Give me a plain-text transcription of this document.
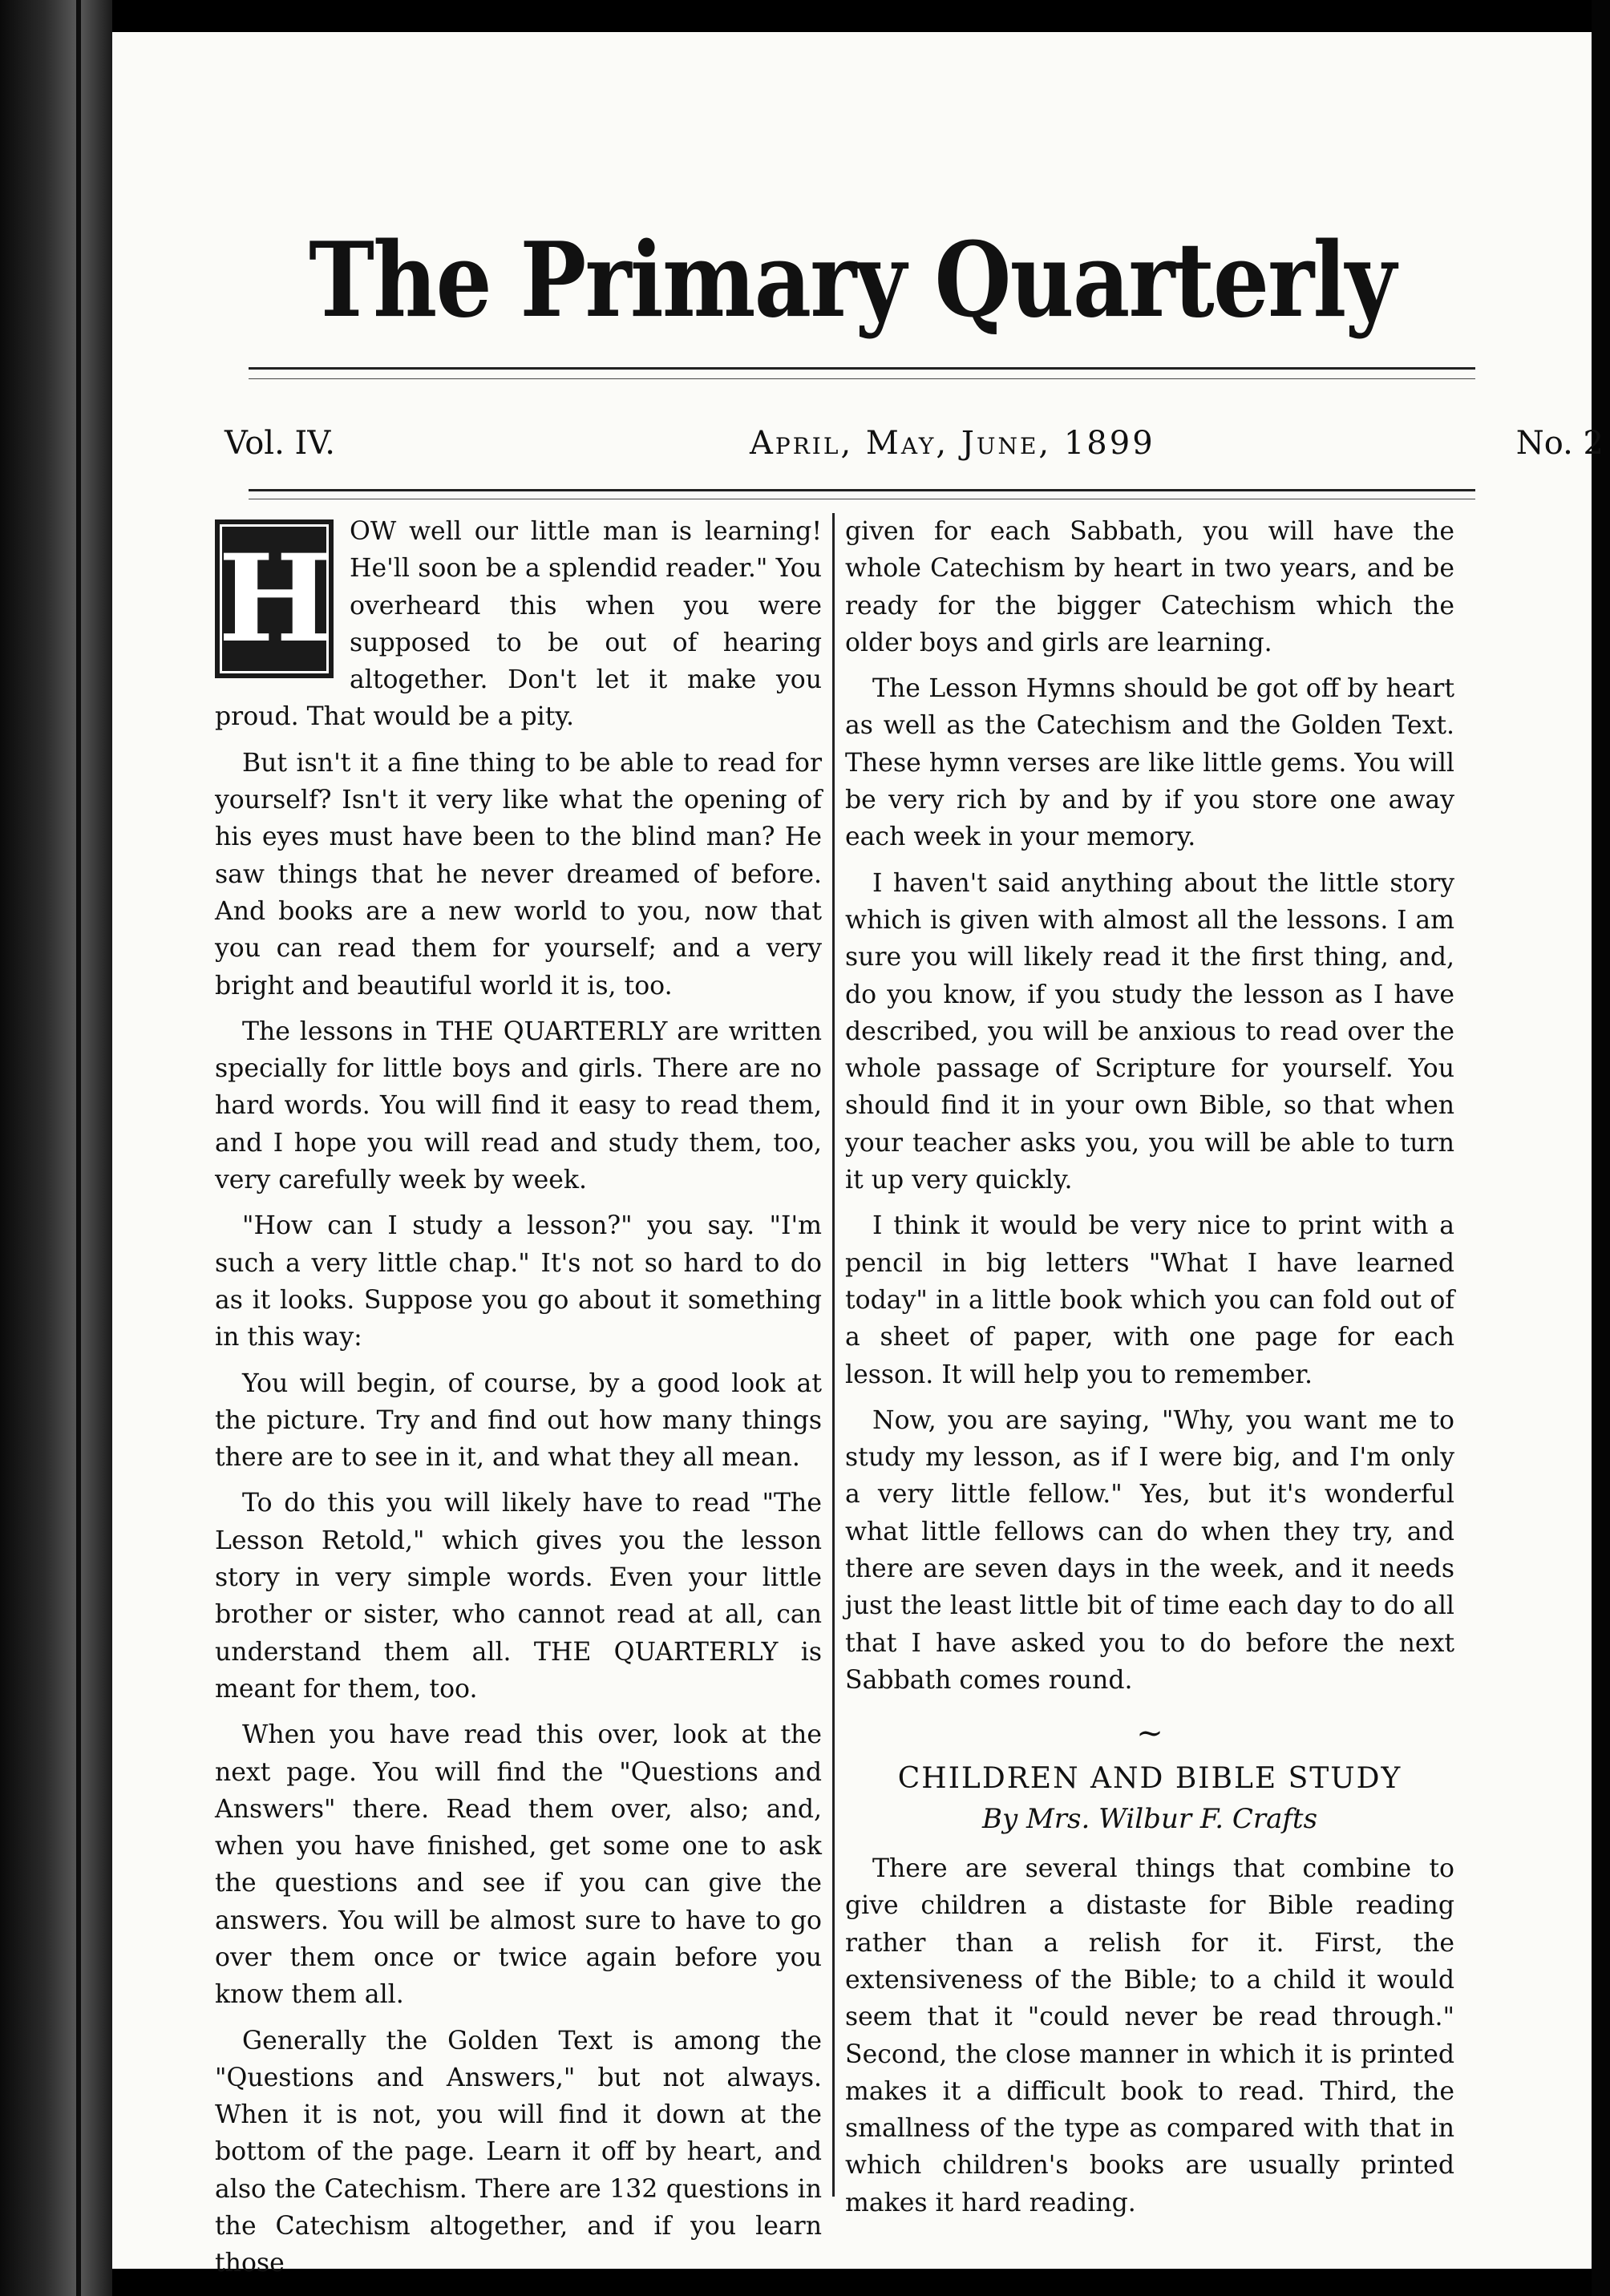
The Primary Quarterly
Vol. IV.	April, May, June, 1899	No. 2

H OW well our little man is learning! He'll soon be a splendid reader." You overheard this when you were supposed to be out of hearing altogether. Don't let it make you proud. That would be a pity.

But isn't it a fine thing to be able to read for yourself? Isn't it very like what the opening of his eyes must have been to the blind man? He saw things that he never dreamed of before. And books are a new world to you, now that you can read them for yourself; and a very bright and beautiful world it is, too.

The lessons in THE QUARTERLY are written specially for little boys and girls. There are no hard words. You will find it easy to read them, and I hope you will read and study them, too, very carefully week by week.

"How can I study a lesson?" you say. "I'm such a very little chap." It's not so hard to do as it looks. Suppose you go about it something in this way:

You will begin, of course, by a good look at the picture. Try and find out how many things there are to see in it, and what they all mean.

To do this you will likely have to read "The Lesson Retold," which gives you the lesson story in very simple words. Even your little brother or sister, who cannot read at all, can understand them all. THE QUARTERLY is meant for them, too.

When you have read this over, look at the next page. You will find the "Questions and Answers" there. Read them over, also; and, when you have finished, get some one to ask the questions and see if you can give the answers. You will be almost sure to have to go over them once or twice again before you know them all.

Generally the Golden Text is among the "Questions and Answers," but not always. When it is not, you will find it down at the bottom of the page. Learn it off by heart, and also the Catechism. There are 132 questions in the Catechism altogether, and if you learn those

given for each Sabbath, you will have the whole Catechism by heart in two years, and be ready for the bigger Catechism which the older boys and girls are learning.

The Lesson Hymns should be got off by heart as well as the Catechism and the Golden Text. These hymn verses are like little gems. You will be very rich by and by if you store one away each week in your memory.

I haven't said anything about the little story which is given with almost all the lessons. I am sure you will likely read it the first thing, and, do you know, if you study the lesson as I have described, you will be anxious to read over the whole passage of Scripture for yourself. You should find it in your own Bible, so that when your teacher asks you, you will be able to turn it up very quickly.

I think it would be very nice to print with a pencil in big letters "What I have learned today" in a little book which you can fold out of a sheet of paper, with one page for each lesson. It will help you to remember.

Now, you are saying, "Why, you want me to study my lesson, as if I were big, and I'm only a very little fellow." Yes, but it's wonderful what little fellows can do when they try, and there are seven days in the week, and it needs just the least little bit of time each day to do all that I have asked you to do before the next Sabbath comes round.

~
CHILDREN AND BIBLE STUDY
By Mrs. Wilbur F. Crafts

There are several things that combine to give children a distaste for Bible reading rather than a relish for it. First, the extensiveness of the Bible; to a child it would seem that it "could never be read through." Second, the close manner in which it is printed makes it a difficult book to read. Third, the smallness of the type as compared with that in which children's books are usually printed makes it hard reading.
